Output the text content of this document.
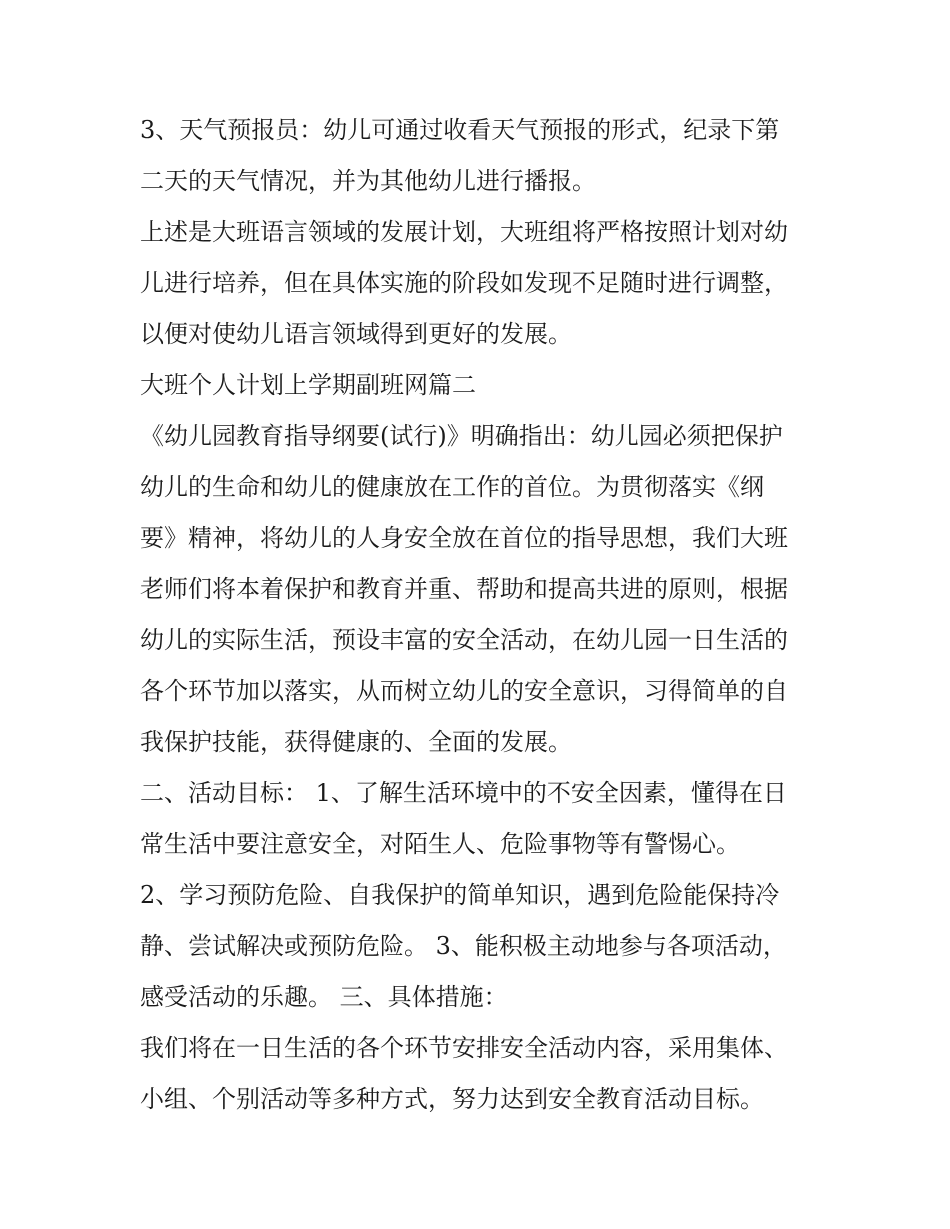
3、天气预报员：幼儿可通过收看天气预报的形式，纪录下第
二天的天气情况，并为其他幼儿进行播报。
上述是大班语言领域的发展计划，大班组将严格按照计划对幼
儿进行培养，但在具体实施的阶段如发现不足随时进行调整，
以便对使幼儿语言领域得到更好的发展。
大班个人计划上学期副班网篇二
《幼儿园教育指导纲要(试行)》明确指出：幼儿园必须把保护
幼儿的生命和幼儿的健康放在工作的首位。为贯彻落实《纲
要》精神，将幼儿的人身安全放在首位的指导思想，我们大班
老师们将本着保护和教育并重、帮助和提高共进的原则，根据
幼儿的实际生活，预设丰富的安全活动，在幼儿园一日生活的
各个环节加以落实，从而树立幼儿的安全意识，习得简单的自
我保护技能，获得健康的、全面的发展。
二、活动目标： 1、了解生活环境中的不安全因素，懂得在日
常生活中要注意安全，对陌生人、危险事物等有警惕心。
2、学习预防危险、自我保护的简单知识，遇到危险能保持冷
静、尝试解决或预防危险。 3、能积极主动地参与各项活动，
感受活动的乐趣。 三、具体措施：
我们将在一日生活的各个环节安排安全活动内容，采用集体、
小组、个别活动等多种方式，努力达到安全教育活动目标。
